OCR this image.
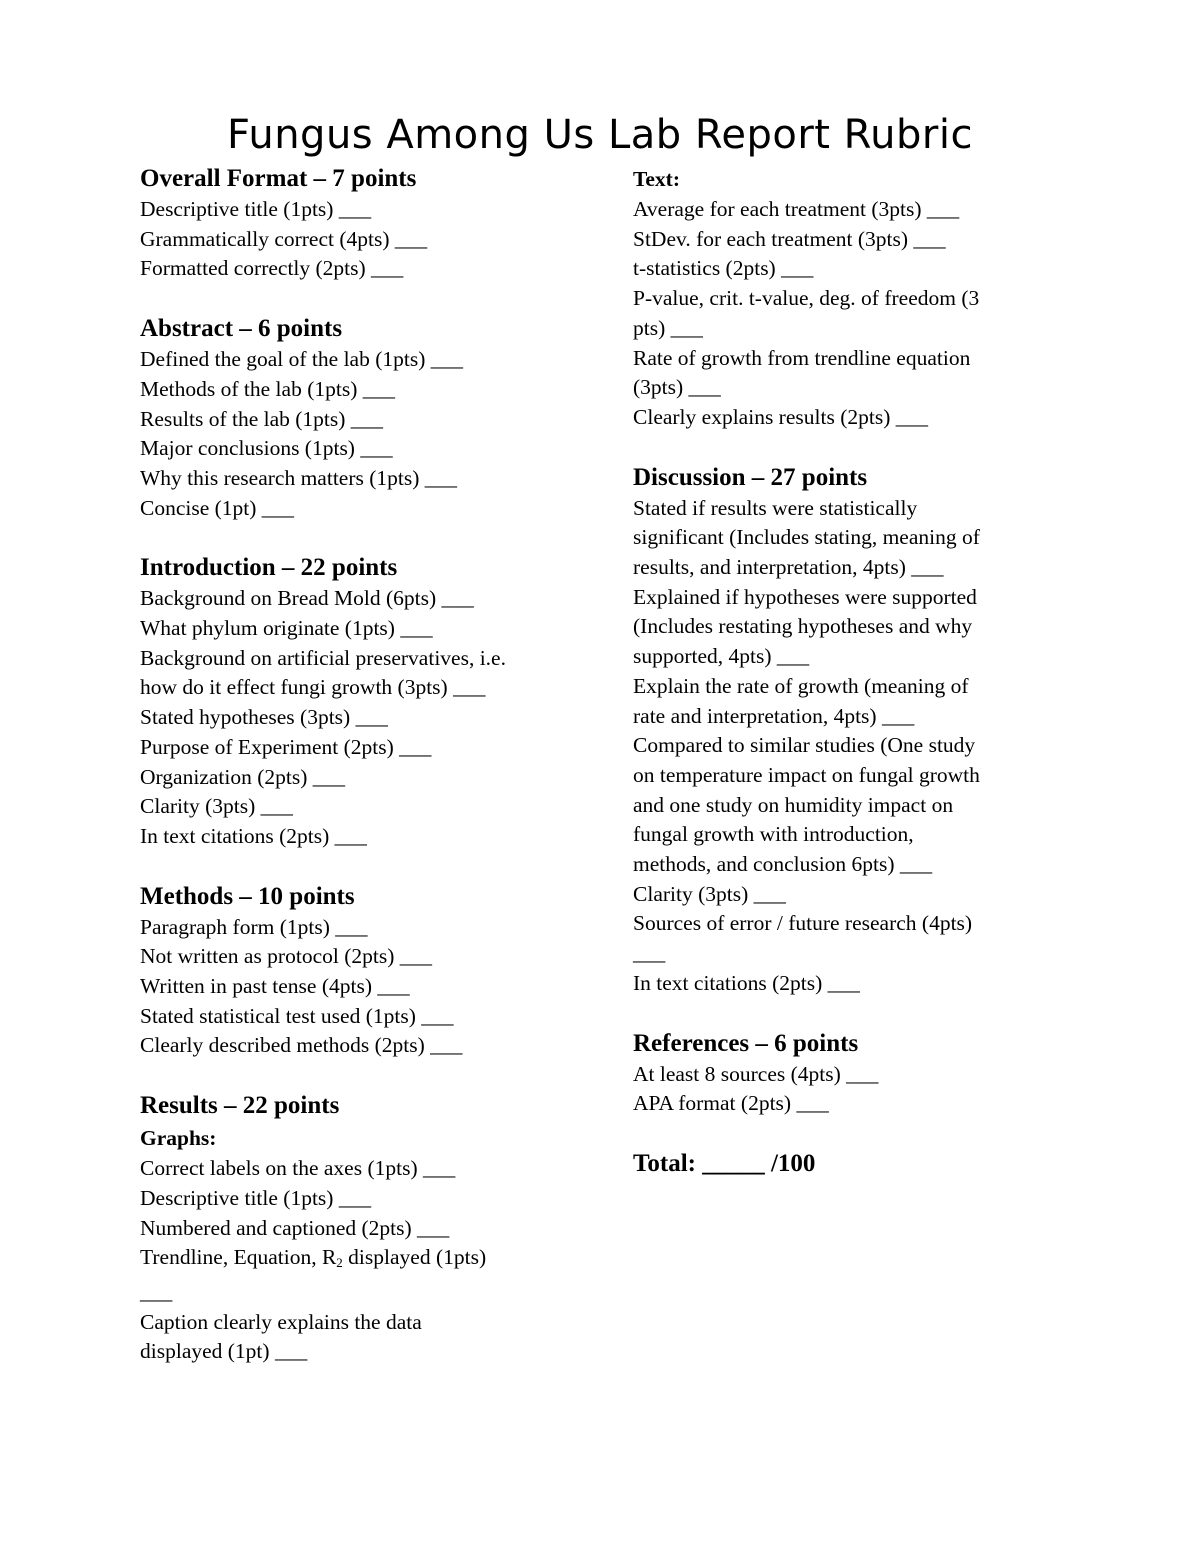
Fungus Among Us Lab Report Rubric

Overall Format – 7 points

Descriptive title (1pts) ___

Grammatically correct (4pts) ___

Formatted correctly (2pts) ___

Abstract – 6 points

Defined the goal of the lab (1pts) ___

Methods of the lab (1pts) ___

Results of the lab (1pts) ___

Major conclusions (1pts) ___

Why this research matters (1pts) ___

Concise (1pt) ___

Introduction – 22 points

Background on Bread Mold (6pts) ___

What phylum originate (1pts) ___

Background on artificial preservatives, i.e.

how do it effect fungi growth (3pts) ___

Stated hypotheses (3pts) ___

Purpose of Experiment (2pts) ___

Organization (2pts) ___

Clarity (3pts) ___

In text citations (2pts) ___

Methods – 10 points

Paragraph form (1pts) ___

Not written as protocol (2pts) ___

Written in past tense (4pts) ___

Stated statistical test used (1pts) ___

Clearly described methods (2pts) ___

Results – 22 points

Graphs:

Correct labels on the axes (1pts) ___

Descriptive title (1pts) ___

Numbered and captioned (2pts) ___

Trendline, Equation, $R_2$ displayed (1pts)

___

Caption clearly explains the data

displayed (1pt) ___

Text:

Average for each treatment (3pts) ___

StDev. for each treatment (3pts) ___

t-statistics (2pts) ___

P-value, crit. t-value, deg. of freedom (3

pts) ___

Rate of growth from trendline equation

(3pts) ___

Clearly explains results (2pts) ___

Discussion – 27 points

Stated if results were statistically

significant (Includes stating, meaning of

results, and interpretation, 4pts) ___

Explained if hypotheses were supported

(Includes restating hypotheses and why

supported, 4pts) ___

Explain the rate of growth (meaning of

rate and interpretation, 4pts) ___

Compared to similar studies (One study

on temperature impact on fungal growth

and one study on humidity impact on

fungal growth with introduction,

methods, and conclusion 6pts) ___

Clarity (3pts) ___

Sources of error / future research (4pts)

___

In text citations (2pts) ___

References – 6 points

At least 8 sources (4pts) ___

APA format (2pts) ___

Total: _____ /100
